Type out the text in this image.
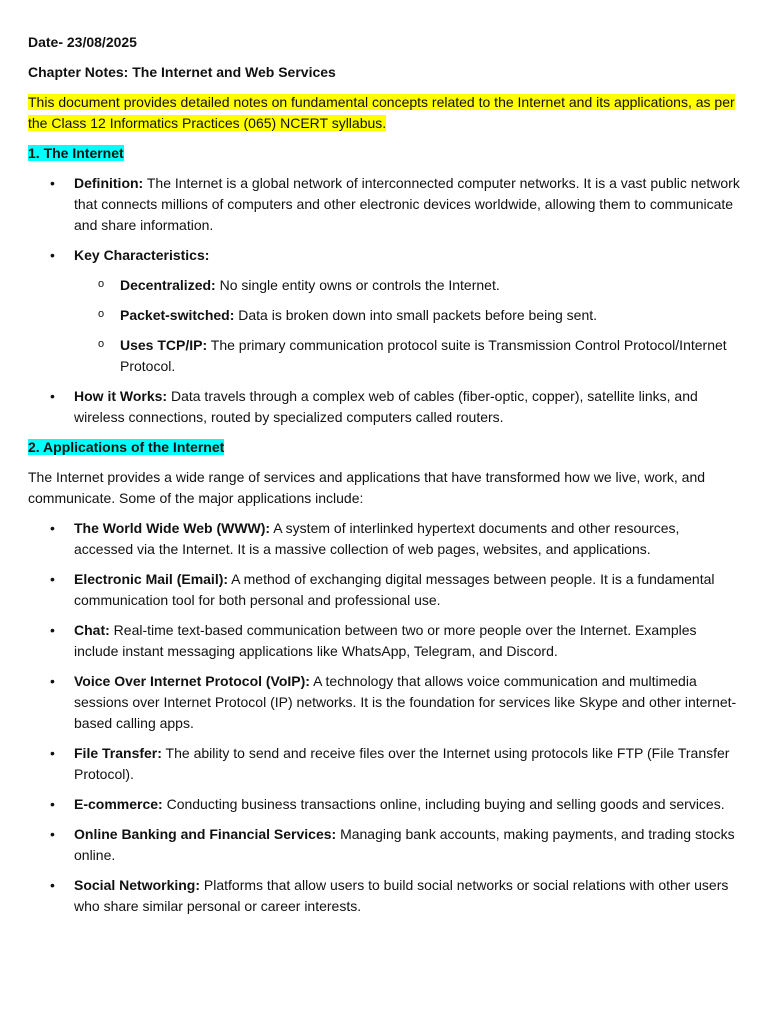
Date- 23/08/2025

Chapter Notes: The Internet and Web Services

This document provides detailed notes on fundamental concepts related to the Internet and its applications, as per the Class 12 Informatics Practices (065) NCERT syllabus.

1. The Internet

• Definition: The Internet is a global network of interconnected computer networks. It is a vast public network that connects millions of computers and other electronic devices worldwide, allowing them to communicate and share information.
• Key Characteristics:
o Decentralized: No single entity owns or controls the Internet.
o Packet-switched: Data is broken down into small packets before being sent.
o Uses TCP/IP: The primary communication protocol suite is Transmission Control Protocol/Internet Protocol.
• How it Works: Data travels through a complex web of cables (fiber-optic, copper), satellite links, and wireless connections, routed by specialized computers called routers.

2. Applications of the Internet

The Internet provides a wide range of services and applications that have transformed how we live, work, and communicate. Some of the major applications include:

• The World Wide Web (WWW): A system of interlinked hypertext documents and other resources, accessed via the Internet. It is a massive collection of web pages, websites, and applications.
• Electronic Mail (Email): A method of exchanging digital messages between people. It is a fundamental communication tool for both personal and professional use.
• Chat: Real-time text-based communication between two or more people over the Internet. Examples include instant messaging applications like WhatsApp, Telegram, and Discord.
• Voice Over Internet Protocol (VoIP): A technology that allows voice communication and multimedia sessions over Internet Protocol (IP) networks. It is the foundation for services like Skype and other internet-based calling apps.
• File Transfer: The ability to send and receive files over the Internet using protocols like FTP (File Transfer Protocol).
• E-commerce: Conducting business transactions online, including buying and selling goods and services.
• Online Banking and Financial Services: Managing bank accounts, making payments, and trading stocks online.
• Social Networking: Platforms that allow users to build social networks or social relations with other users who share similar personal or career interests.
